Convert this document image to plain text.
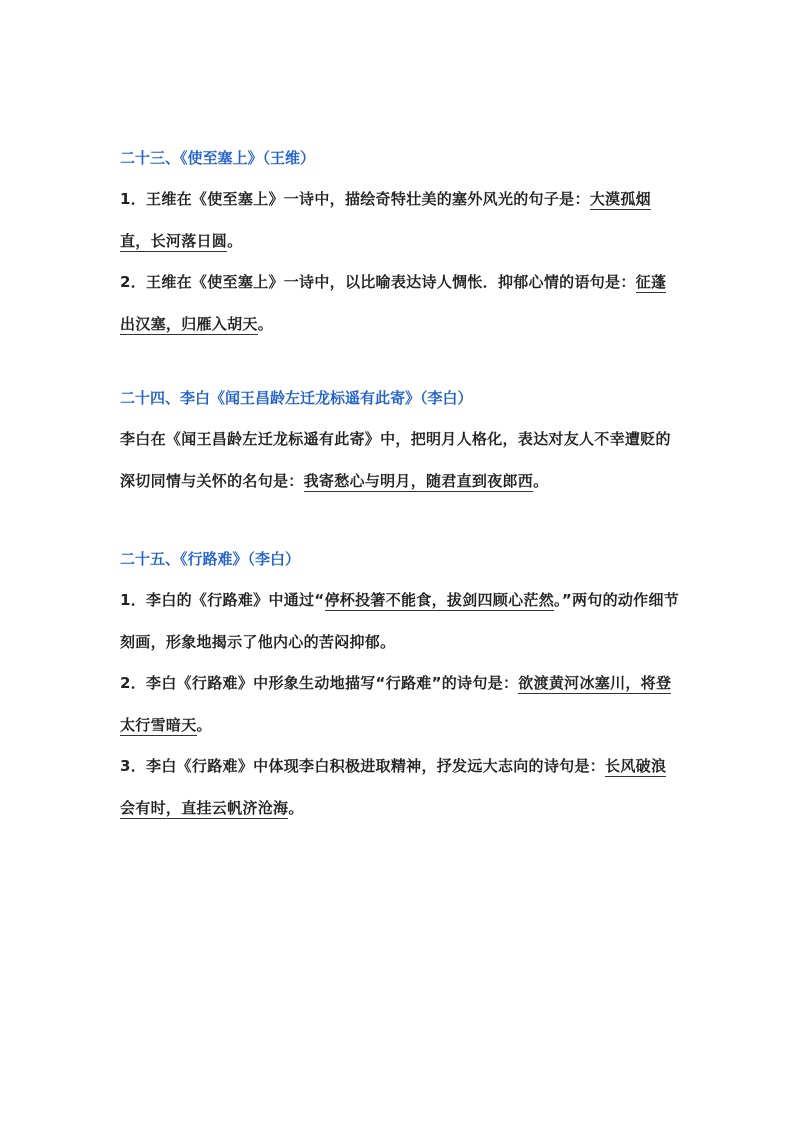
二十三、《使至塞上》（王维）

1．王维在《使至塞上》一诗中，描绘奇特壮美的塞外风光的句子是：大漠孤烟直，长河落日圆。

2．王维在《使至塞上》一诗中，以比喻表达诗人惆怅．抑郁心情的语句是：征蓬出汉塞，归雁入胡天。

二十四、李白《闻王昌龄左迁龙标遥有此寄》（李白）

李白在《闻王昌龄左迁龙标遥有此寄》中，把明月人格化，表达对友人不幸遭贬的深切同情与关怀的名句是：我寄愁心与明月，随君直到夜郎西。

二十五、《行路难》（李白）

1．李白的《行路难》中通过“停杯投箸不能食，拔剑四顾心茫然。”两句的动作细节刻画，形象地揭示了他内心的苦闷抑郁。

2．李白《行路难》中形象生动地描写“行路难”的诗句是：欲渡黄河冰塞川，将登太行雪暗天。

3．李白《行路难》中体现李白积极进取精神，抒发远大志向的诗句是：长风破浪会有时，直挂云帆济沧海。
